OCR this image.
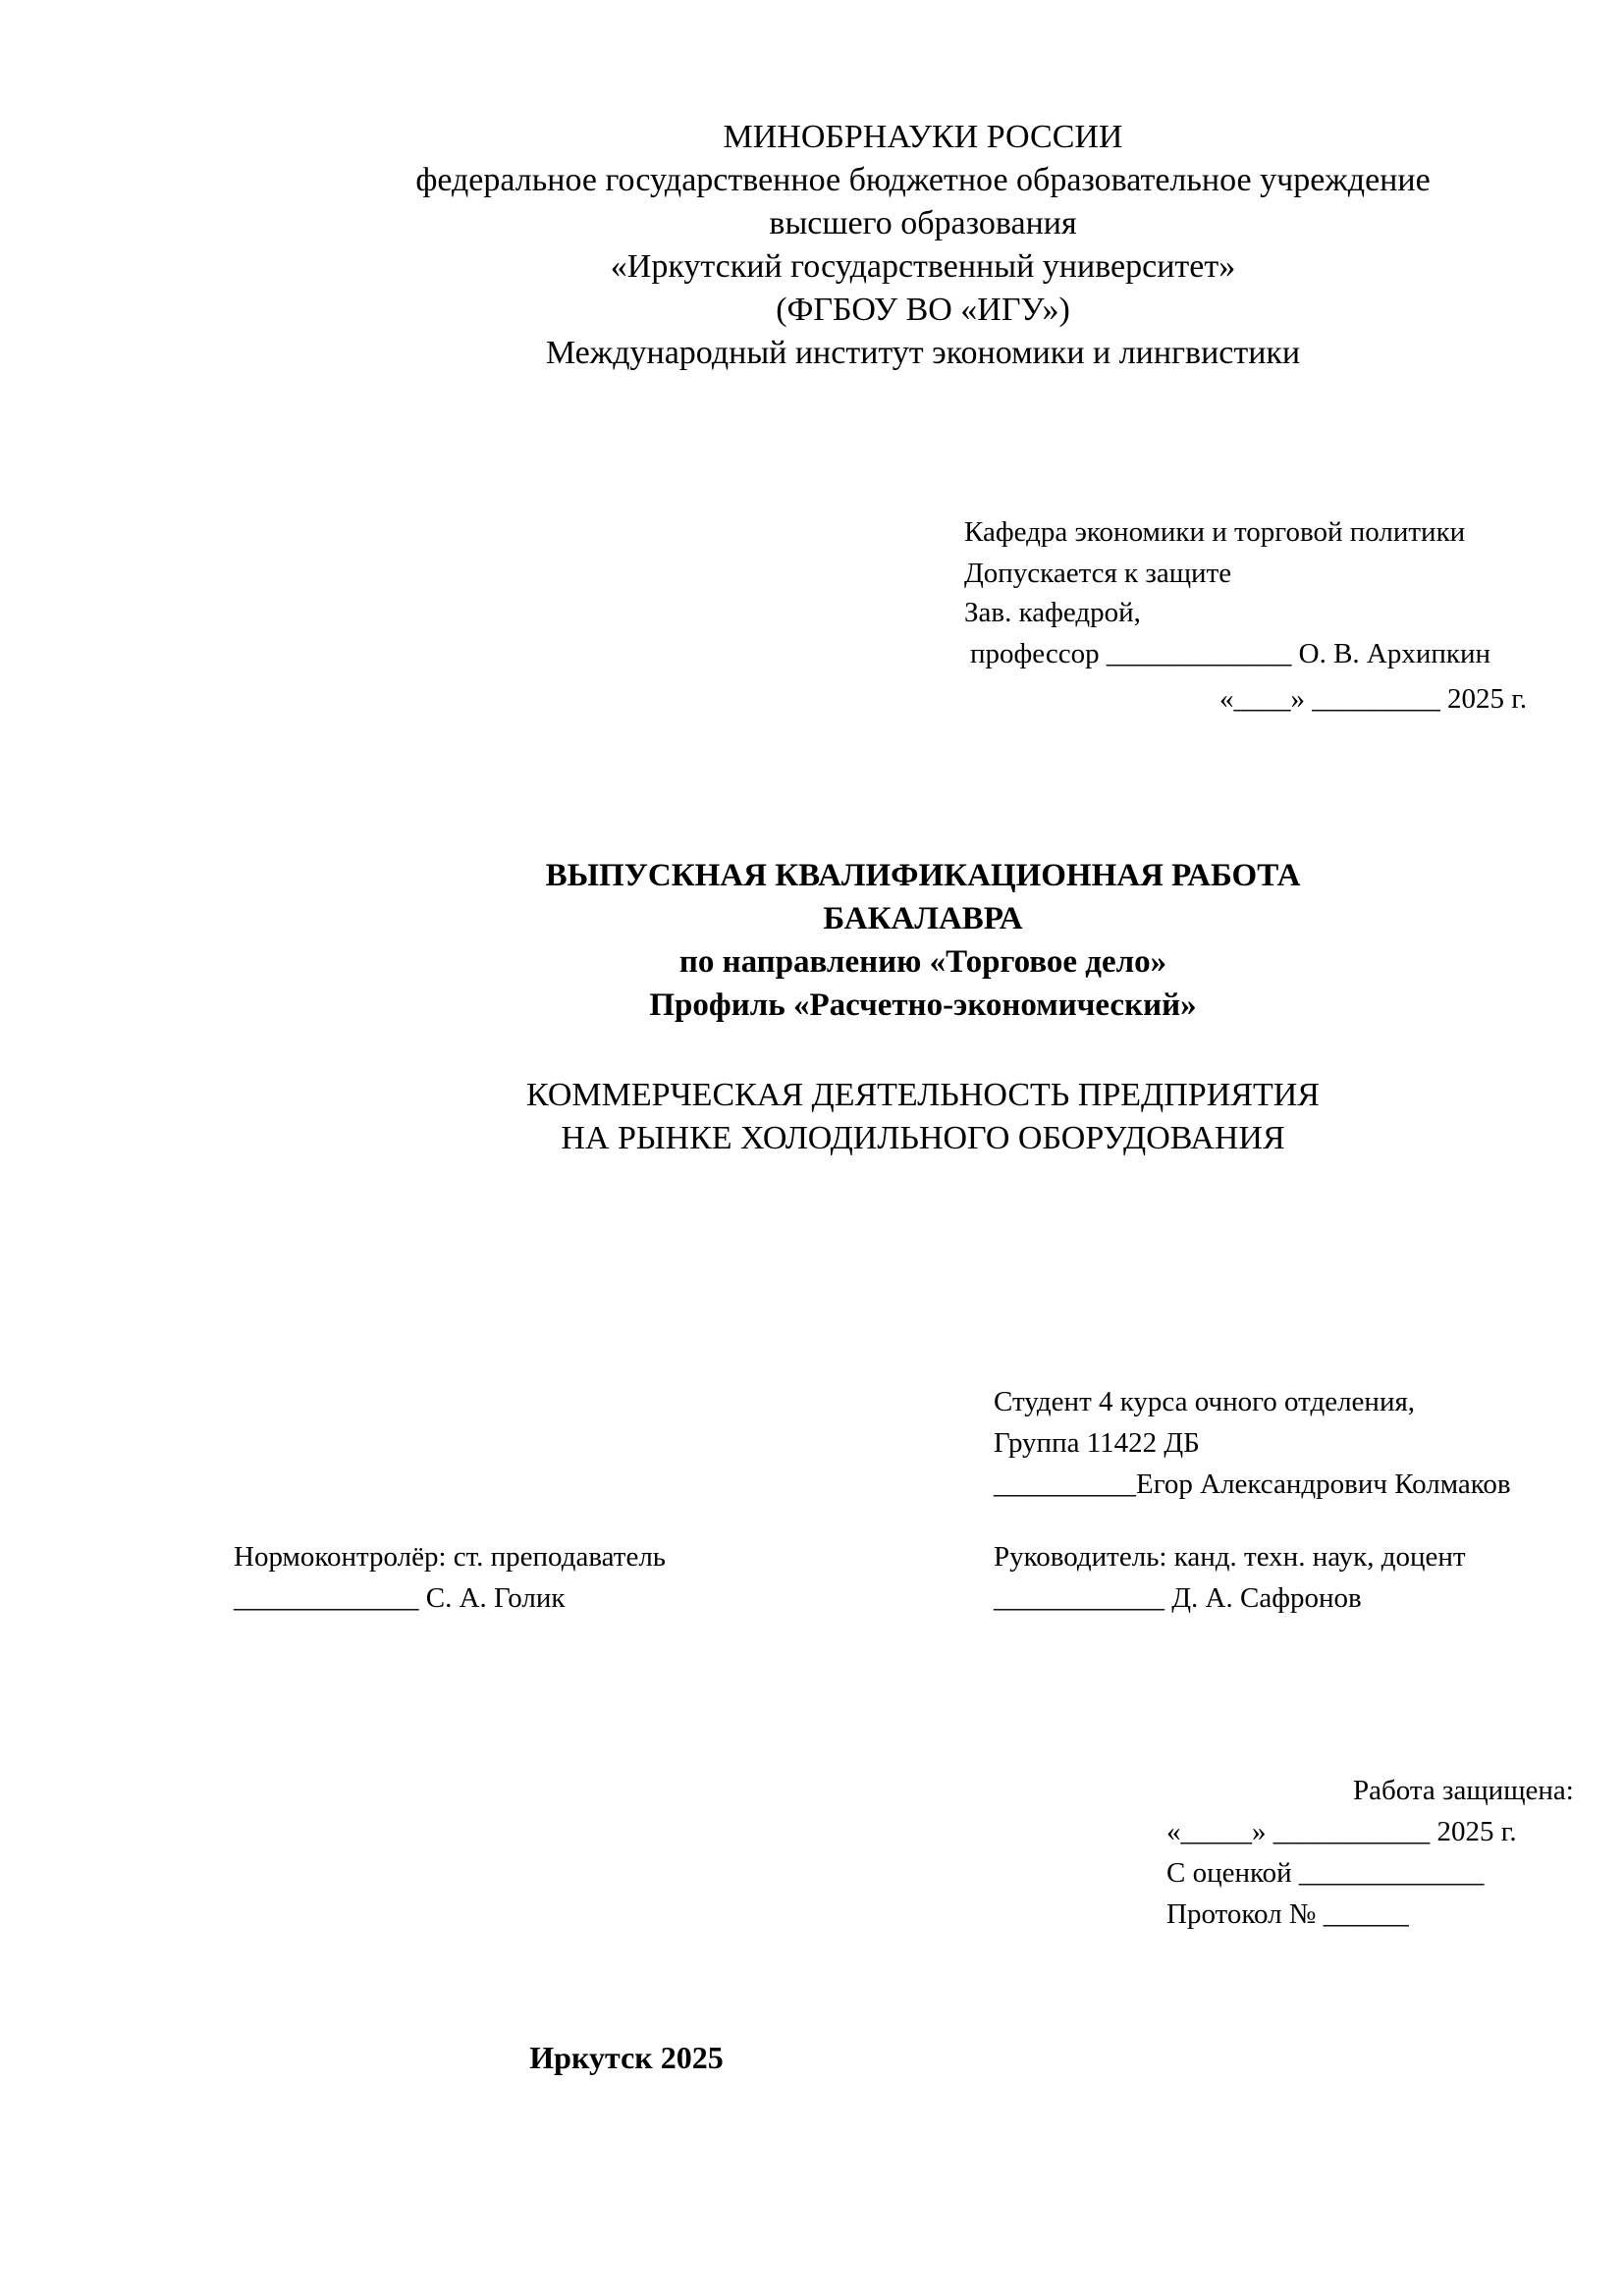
МИНОБРНАУКИ РОССИИ
федеральное государственное бюджетное образовательное учреждение
высшего образования
«Иркутский государственный университет»
(ФГБОУ ВО «ИГУ»)
Международный институт экономики и лингвистики
Кафедра экономики и торговой политики
Допускается к защите
Зав. кафедрой,
профессор _____________ О. В. Архипкин
«____» _________ 2025 г.
ВЫПУСКНАЯ КВАЛИФИКАЦИОННАЯ РАБОТА
БАКАЛАВРА
по направлению «Торговое дело»
Профиль «Расчетно-экономический»
КОММЕРЧЕСКАЯ ДЕЯТЕЛЬНОСТЬ ПРЕДПРИЯТИЯ
НА РЫНКЕ ХОЛОДИЛЬНОГО ОБОРУДОВАНИЯ
Студент 4 курса очного отделения,
Группа 11422 ДБ
__________Егор Александрович Колмаков
Нормоконтролёр: ст. преподаватель
_____________ С. А. Голик
Руководитель: канд. техн. наук, доцент
____________ Д. А. Сафронов
Работа защищена:
«_____» ___________ 2025 г.
С оценкой _____________
Протокол № ______
Иркутск 2025
